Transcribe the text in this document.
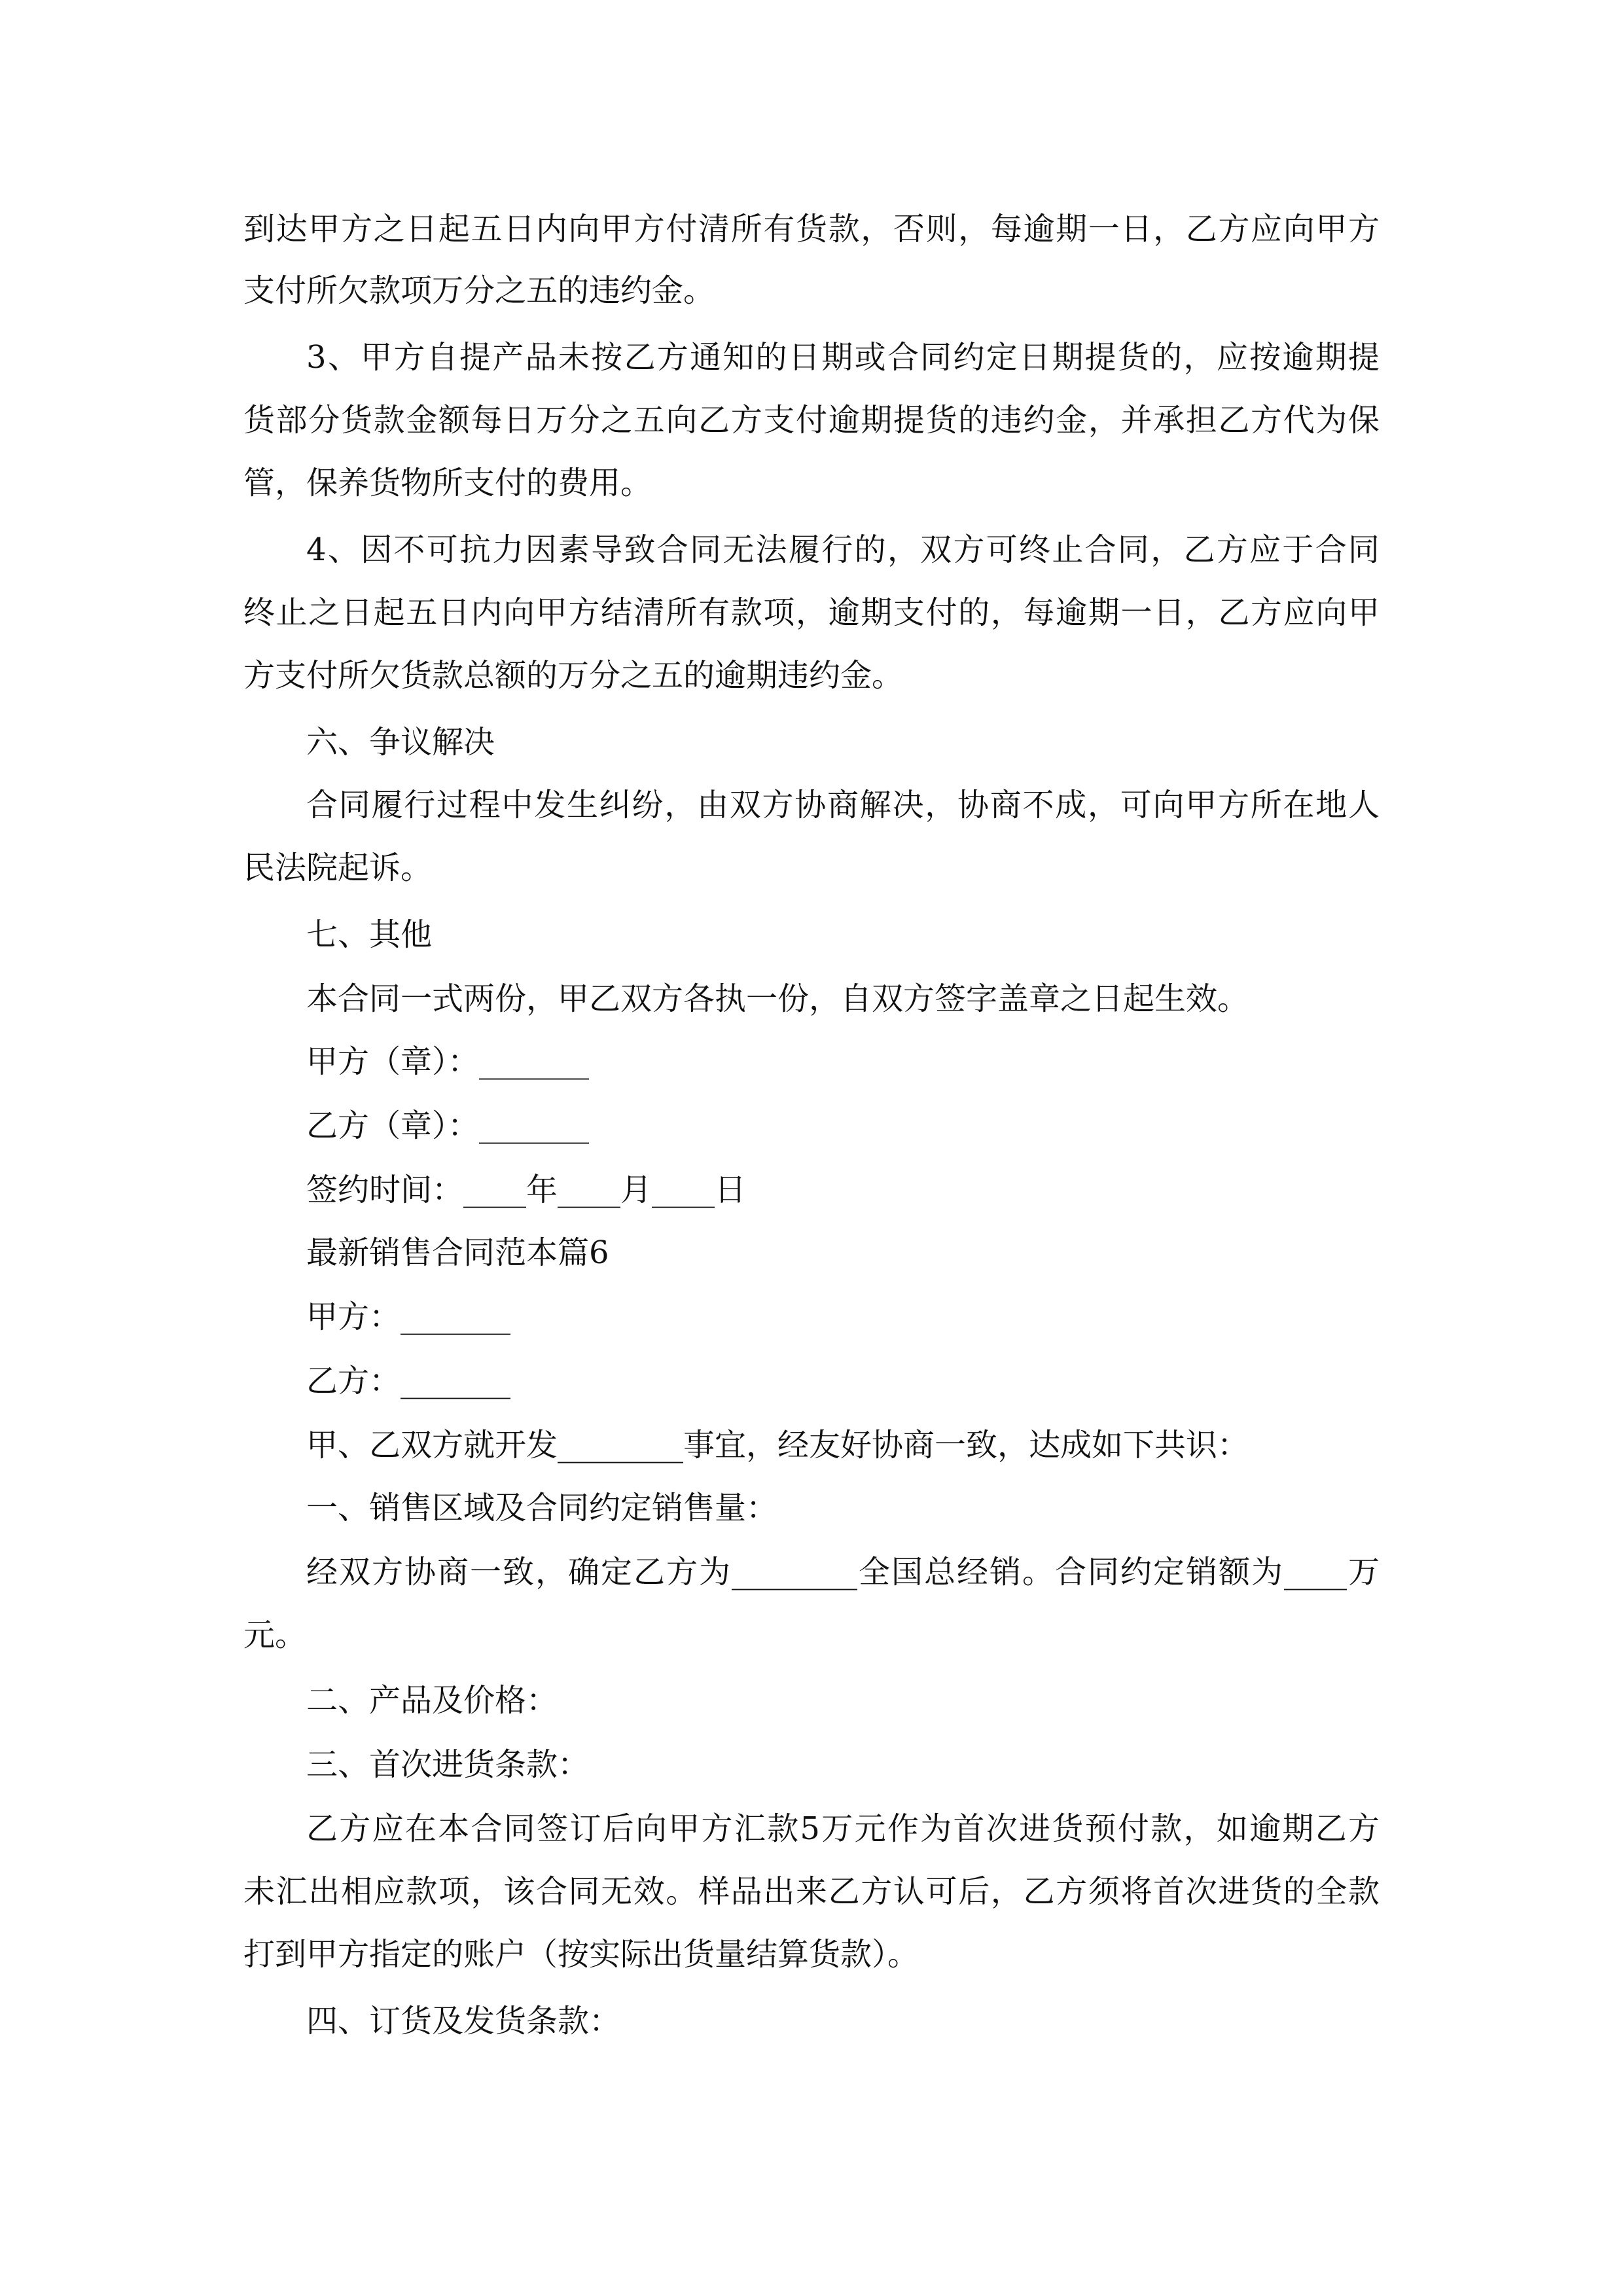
到达甲方之日起五日内向甲方付清所有货款，否则，每逾期一日，乙方应向甲方
支付所欠款项万分之五的违约金。
3、甲方自提产品未按乙方通知的日期或合同约定日期提货的，应按逾期提
货部分货款金额每日万分之五向乙方支付逾期提货的违约金，并承担乙方代为保
管，保养货物所支付的费用。
4、因不可抗力因素导致合同无法履行的，双方可终止合同，乙方应于合同
终止之日起五日内向甲方结清所有款项，逾期支付的，每逾期一日，乙方应向甲
方支付所欠货款总额的万分之五的逾期违约金。
六、争议解决
合同履行过程中发生纠纷，由双方协商解决，协商不成，可向甲方所在地人
民法院起诉。
七、其他
本合同一式两份，甲乙双方各执一份，自双方签字盖章之日起生效。
甲方（章）：_______
乙方（章）：_______
签约时间：____年____月____日
最新销售合同范本篇6
甲方：_______
乙方：_______
甲、乙双方就开发________事宜，经友好协商一致，达成如下共识：
一、销售区域及合同约定销售量：
经双方协商一致，确定乙方为________全国总经销。合同约定销额为____万
元。
二、产品及价格：
三、首次进货条款：
乙方应在本合同签订后向甲方汇款5万元作为首次进货预付款，如逾期乙方
未汇出相应款项，该合同无效。样品出来乙方认可后，乙方须将首次进货的全款
打到甲方指定的账户（按实际出货量结算货款）。
四、订货及发货条款：
